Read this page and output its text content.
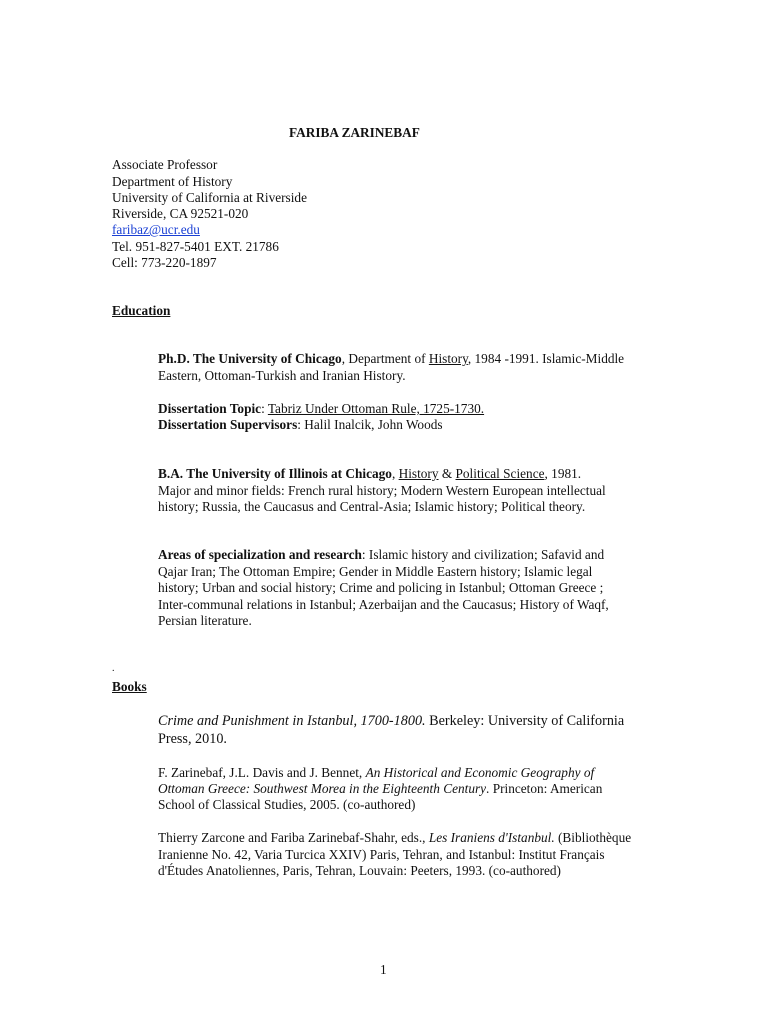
FARIBA ZARINEBAF
Associate Professor
Department of History
University of California at Riverside
Riverside, CA 92521-020
faribaz@ucr.edu
Tel. 951-827-5401 EXT. 21786
Cell: 773-220-1897
Education
Ph.D. The University of Chicago, Department of History, 1984 -1991. Islamic-Middle
Eastern, Ottoman-Turkish and Iranian History.
Dissertation Topic: Tabriz Under Ottoman Rule, 1725-1730.
Dissertation Supervisors: Halil Inalcik, John Woods
B.A. The University of Illinois at Chicago, History & Political Science, 1981.
Major and minor fields: French rural history; Modern Western European intellectual
history; Russia, the Caucasus and Central-Asia; Islamic history; Political theory.
Areas of specialization and research: Islamic history and civilization; Safavid and
Qajar Iran; The Ottoman Empire; Gender in Middle Eastern history; Islamic legal
history; Urban and social history; Crime and policing in Istanbul; Ottoman Greece ;
Inter-communal relations in Istanbul; Azerbaijan and the Caucasus; History of Waqf,
Persian literature.
.
Books
Crime and Punishment in Istanbul, 1700-1800. Berkeley: University of California
Press, 2010.
F. Zarinebaf, J.L. Davis and J. Bennet, An Historical and Economic Geography of
Ottoman Greece: Southwest Morea in the Eighteenth Century. Princeton: American
School of Classical Studies, 2005. (co-authored)
Thierry Zarcone and Fariba Zarinebaf-Shahr, eds., Les Iraniens d'Istanbul. (Bibliothèque
Iranienne No. 42, Varia Turcica XXIV) Paris, Tehran, and Istanbul: Institut Français
d'Études Anatoliennes, Paris, Tehran, Louvain: Peeters, 1993. (co-authored)
1
